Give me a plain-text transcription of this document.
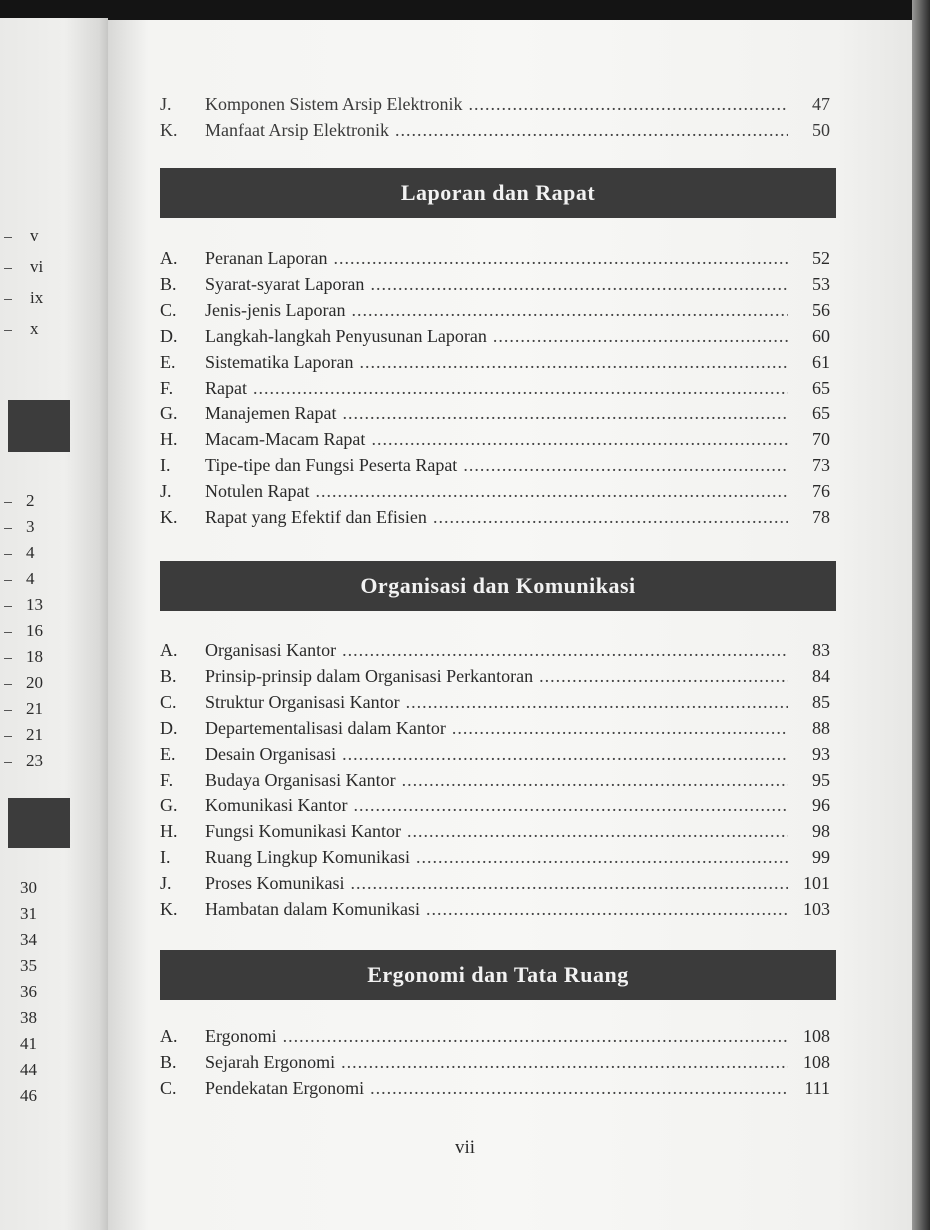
v
vi
ix
x
2
3
4
4
13
16
18
20
21
21
23
30
31
34
35
36
38
41
44
46
J.	Komponen Sistem Arsip Elektronik .....	47
K.	Manfaat Arsip Elektronik .....	50
Laporan dan Rapat
A.	Peranan Laporan .....	52
B.	Syarat-syarat Laporan .....	53
C.	Jenis-jenis Laporan .....	56
D.	Langkah-langkah Penyusunan Laporan .....	60
E.	Sistematika Laporan .....	61
F.	Rapat .....	65
G.	Manajemen Rapat .....	65
H.	Macam-Macam Rapat .....	70
I.	Tipe-tipe dan Fungsi Peserta Rapat .....	73
J.	Notulen Rapat .....	76
K.	Rapat yang Efektif dan Efisien .....	78
Organisasi dan Komunikasi
A.	Organisasi Kantor .....	83
B.	Prinsip-prinsip dalam Organisasi Perkantoran .....	84
C.	Struktur Organisasi Kantor .....	85
D.	Departementalisasi dalam Kantor .....	88
E.	Desain Organisasi .....	93
F.	Budaya Organisasi Kantor .....	95
G.	Komunikasi Kantor .....	96
H.	Fungsi Komunikasi Kantor .....	98
I.	Ruang Lingkup Komunikasi .....	99
J.	Proses Komunikasi .....	101
K.	Hambatan dalam Komunikasi .....	103
Ergonomi dan Tata Ruang
A.	Ergonomi .....	108
B.	Sejarah Ergonomi .....	108
C.	Pendekatan Ergonomi .....	111
vii
